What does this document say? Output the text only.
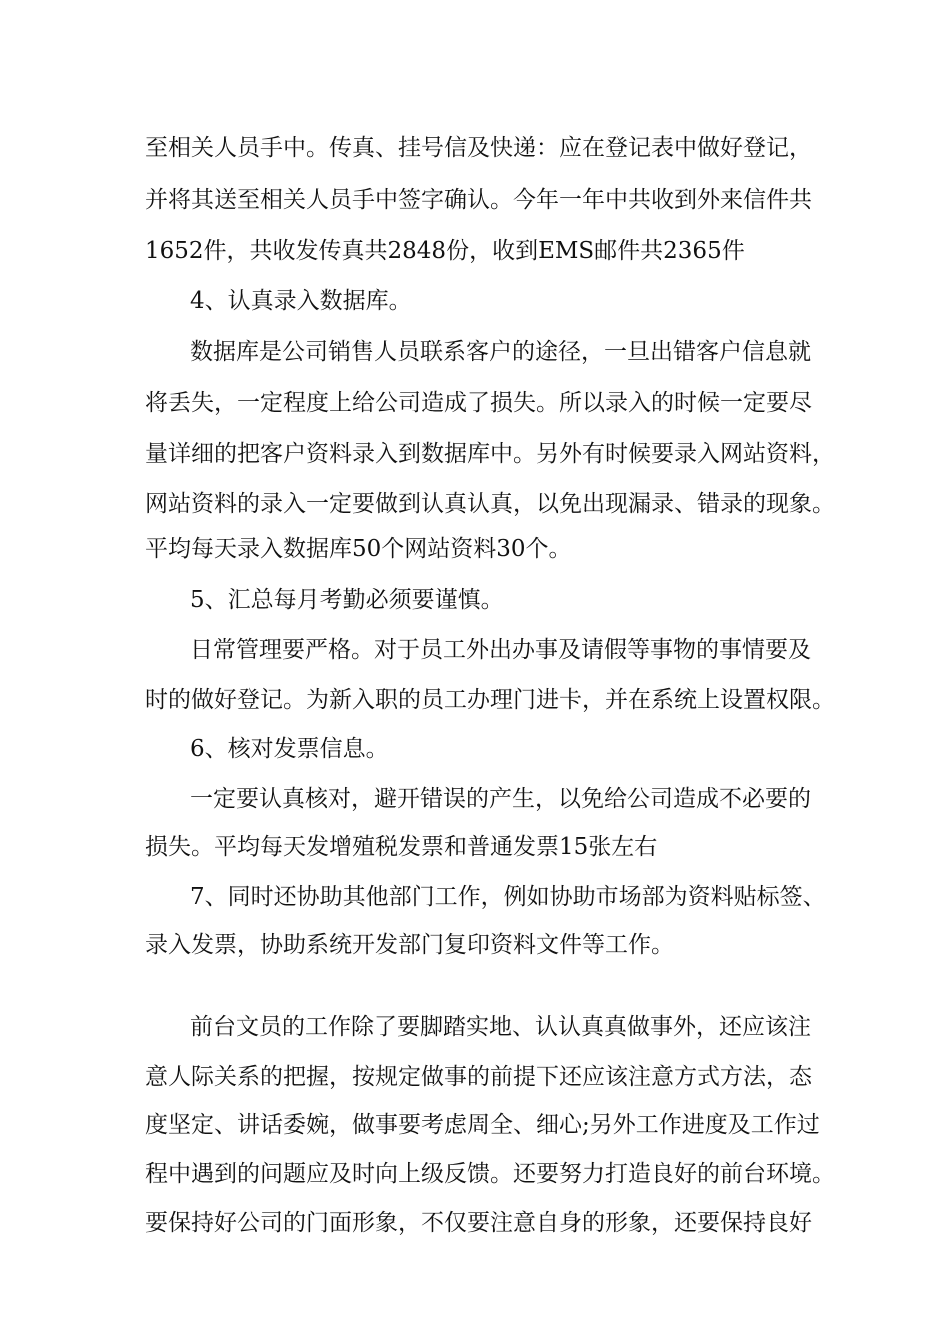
至相关人员手中。传真、挂号信及快递：应在登记表中做好登记，
并将其送至相关人员手中签字确认。今年一年中共收到外来信件共
1652件，共收发传真共2848份，收到EMS邮件共2365件
4、认真录入数据库。
数据库是公司销售人员联系客户的途径，一旦出错客户信息就
将丢失，一定程度上给公司造成了损失。所以录入的时候一定要尽
量详细的把客户资料录入到数据库中。另外有时候要录入网站资料，
网站资料的录入一定要做到认真认真，以免出现漏录、错录的现象。
平均每天录入数据库50个网站资料30个。
5、汇总每月考勤必须要谨慎。
日常管理要严格。对于员工外出办事及请假等事物的事情要及
时的做好登记。为新入职的员工办理门进卡，并在系统上设置权限。
6、核对发票信息。
一定要认真核对，避开错误的产生，以免给公司造成不必要的
损失。平均每天发增殖税发票和普通发票15张左右
7、同时还协助其他部门工作，例如协助市场部为资料贴标签、
录入发票，协助系统开发部门复印资料文件等工作。
前台文员的工作除了要脚踏实地、认认真真做事外，还应该注
意人际关系的把握，按规定做事的前提下还应该注意方式方法，态
度坚定、讲话委婉，做事要考虑周全、细心;另外工作进度及工作过
程中遇到的问题应及时向上级反馈。还要努力打造良好的前台环境。
要保持好公司的门面形象，不仅要注意自身的形象，还要保持良好
